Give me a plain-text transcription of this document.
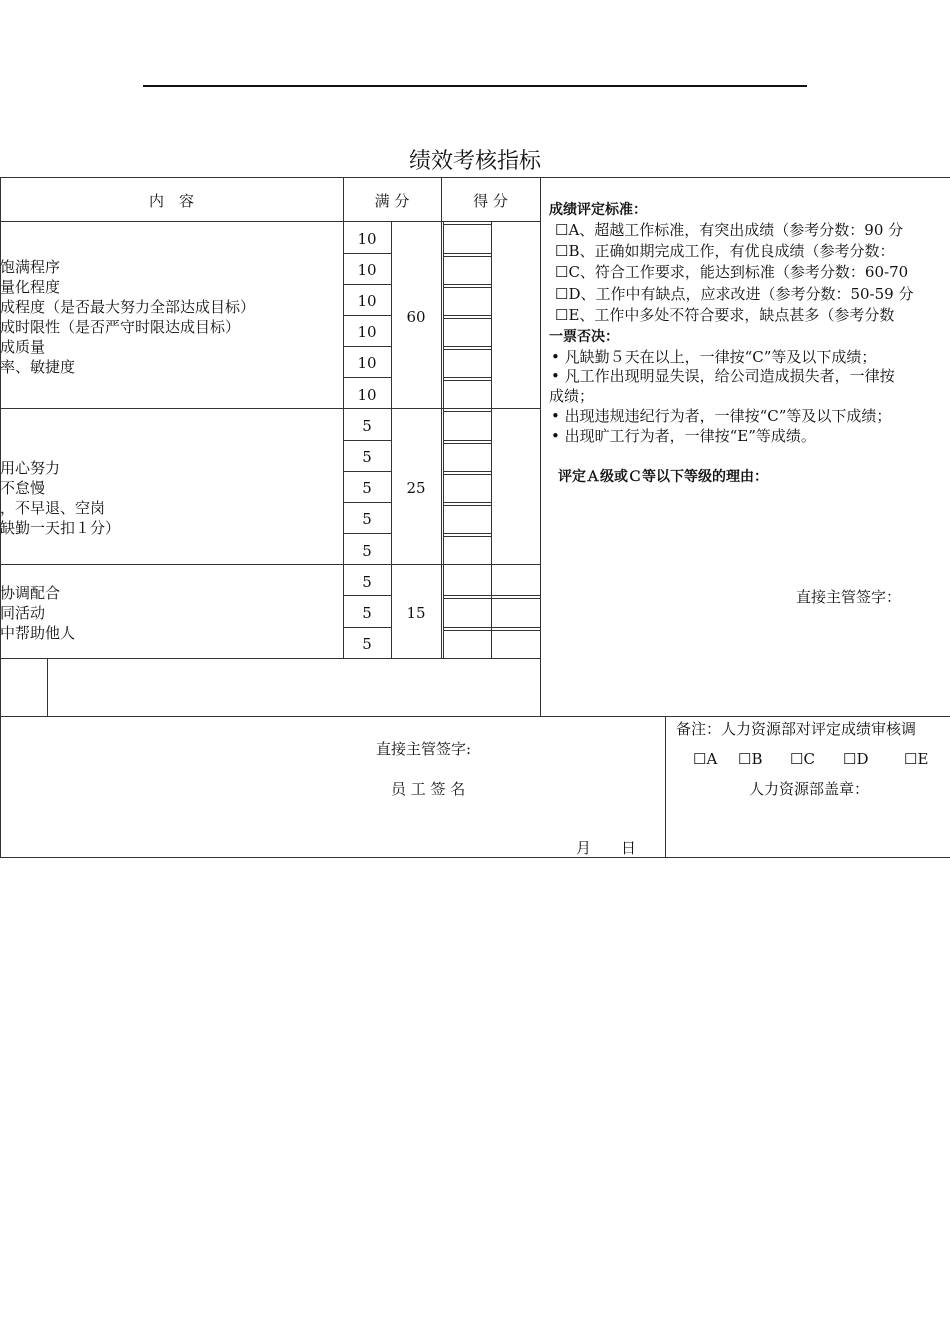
绩效考核指标
内　容	满 分	得 分
饱满程序
量化程度
成程度（是否最大努力全部达成目标）
成时限性（是否严守时限达成目标）
成质量
率、敏捷度
10
10
10
10
10
10
60
用心努力
不怠慢
，不早退、空岗
缺勤一天扣１分）
5
5
5
5
5
25
协调配合
同活动
中帮助他人
5
5
5
15
成绩评定标准：
☐A、超越工作标准，有突出成绩（参考分数：90 分
☐B、正确如期完成工作，有优良成绩（参考分数：
☐C、符合工作要求，能达到标准（参考分数：60-70
☐D、工作中有缺点，应求改进（参考分数：50-59 分
☐E、工作中多处不符合要求，缺点甚多（参考分数
一票否决：
• 凡缺勤５天在以上，一律按“C”等及以下成绩；
• 凡工作出现明显失误，给公司造成损失者，一律按
成绩；
• 出现违规违纪行为者，一律按“C”等及以下成绩；
• 出现旷工行为者，一律按“E”等成绩。
评定Ａ级或Ｃ等以下等级的理由：
直接主管签字：
直接主管签字:
员 工 签 名
月 日
备注：人力资源部对评定成绩审核调
☐A ☐B ☐C ☐D ☐E
人力资源部盖章：
